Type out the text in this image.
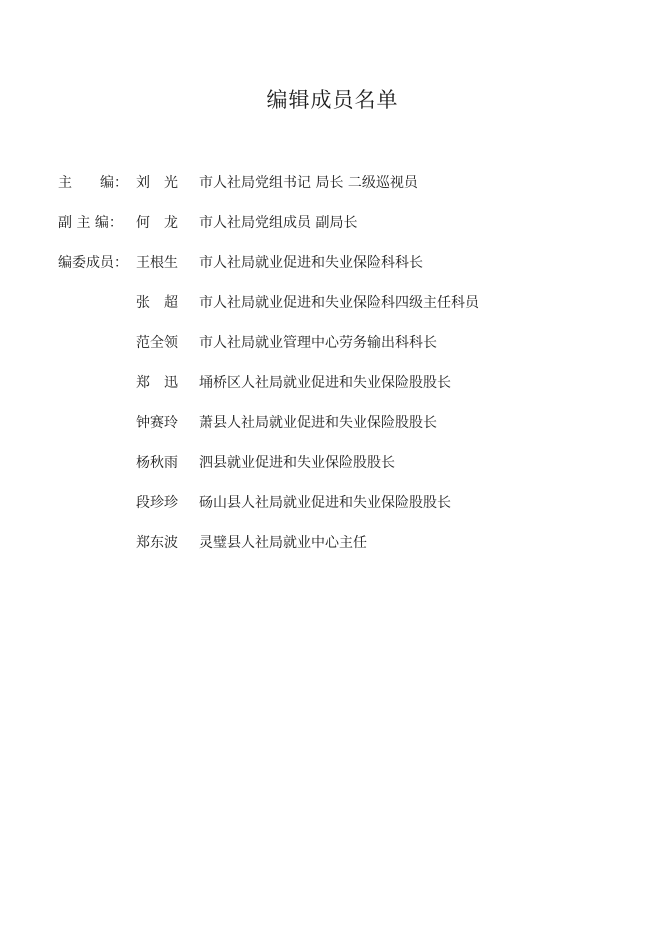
编辑成员名单
主　　编： 刘　光	市人社局党组书记 局长 二级巡视员
副 主 编： 何　龙	市人社局党组成员 副局长
编委成员： 王根生	市人社局就业促进和失业保险科科长
张　超	市人社局就业促进和失业保险科四级主任科员
范全领	市人社局就业管理中心劳务输出科科长
郑　迅	埇桥区人社局就业促进和失业保险股股长
钟赛玲	萧县人社局就业促进和失业保险股股长
杨秋雨	泗县就业促进和失业保险股股长
段珍珍	砀山县人社局就业促进和失业保险股股长
郑东波	灵璧县人社局就业中心主任
